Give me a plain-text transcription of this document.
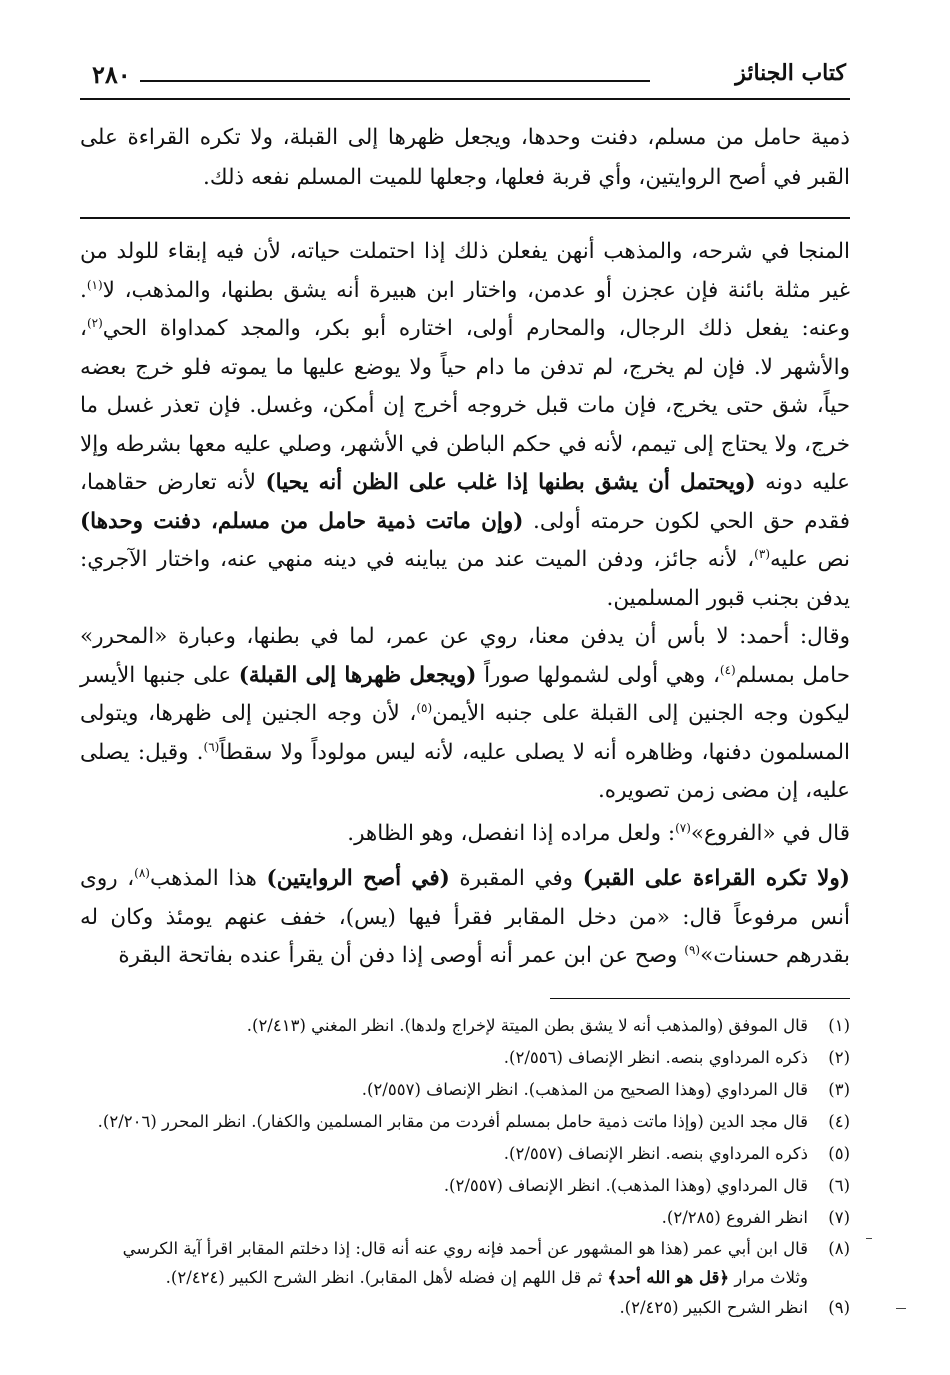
٢٨٠	كتاب الجنائز

ذمية حامل من مسلم، دفنت وحدها، ويجعل ظهرها إلى القبلة، ولا تكره القراءة على القبر في أصح الروايتين، وأي قربة فعلها، وجعلها للميت المسلم نفعه ذلك.

المنجا في شرحه، والمذهب أنهن يفعلن ذلك إذا احتملت حياته، لأن فيه إبقاء للولد من غير مثلة بائنة فإن عجزن أو عدمن، واختار ابن هبيرة أنه يشق بطنها، والمذهب، لا$^{(١)}$. وعنه: يفعل ذلك الرجال، والمحارم أولى، اختاره أبو بكر، والمجد كمداواة الحي$^{(٢)}$، والأشهر لا. فإن لم يخرج، لم تدفن ما دام حياً ولا يوضع عليها ما يموته فلو خرج بعضه حياً، شق حتى يخرج، فإن مات قبل خروجه أخرج إن أمكن، وغسل. فإن تعذر غسل ما خرج، ولا يحتاج إلى تيمم، لأنه في حكم الباطن في الأشهر، وصلي عليه معها بشرطه وإلا عليه دونه (ويحتمل أن يشق بطنها إذا غلب على الظن أنه يحيا) لأنه تعارض حقاهما، فقدم حق الحي لكون حرمته أولى. (وإن ماتت ذمية حامل من مسلم، دفنت وحدها) نص عليه$^{(٣)}$، لأنه جائز، ودفن الميت عند من يباينه في دينه منهي عنه، واختار الآجري: يدفن بجنب قبور المسلمين.

وقال: أحمد: لا بأس أن يدفن معنا، روي عن عمر، لما في بطنها، وعبارة «المحرر» حامل بمسلم$^{(٤)}$، وهي أولى لشمولها صوراً (ويجعل ظهرها إلى القبلة) على جنبها الأيسر ليكون وجه الجنين إلى القبلة على جنبه الأيمن$^{(٥)}$، لأن وجه الجنين إلى ظهرها، ويتولى المسلمون دفنها، وظاهره أنه لا يصلى عليه، لأنه ليس مولوداً ولا سقطاً$^{(٦)}$. وقيل: يصلى عليه، إن مضى زمن تصويره.

قال في «الفروع»$^{(٧)}$: ولعل مراده إذا انفصل، وهو الظاهر.

(ولا تكره القراءة على القبر) وفي المقبرة (في أصح الروايتين) هذا المذهب$^{(٨)}$، روى أنس مرفوعاً قال: «من دخل المقابر فقرأ فيها (يس)، خفف عنهم يومئذ وكان له بقدرهم حسنات»$^{(٩)}$ وصح عن ابن عمر أنه أوصى إذا دفن أن يقرأ عنده بفاتحة البقرة

(١)
قال الموفق (والمذهب أنه لا يشق بطن الميتة لإخراج ولدها). انظر المغني (٢/٤١٣).
(٢)
ذكره المرداوي بنصه. انظر الإنصاف (٢/٥٥٦).
(٣)
قال المرداوي (وهذا الصحيح من المذهب). انظر الإنصاف (٢/٥٥٧).
(٤)
قال مجد الدين (وإذا ماتت ذمية حامل بمسلم أفردت من مقابر المسلمين والكفار). انظر المحرر (٢/٢٠٦).
(٥)
ذكره المرداوي بنصه. انظر الإنصاف (٢/٥٥٧).
(٦)
قال المرداوي (وهذا المذهب). انظر الإنصاف (٢/٥٥٧).
(٧)
انظر الفروع (٢/٢٨٥).
(٨)
قال ابن أبي عمر (هذا هو المشهور عن أحمد فإنه روي عنه أنه قال: إذا دخلتم المقابر اقرأ آية الكرسي وثلاث مرار ﴿قل هو الله أحد﴾ ثم قل اللهم إن فضله لأهل المقابر). انظر الشرح الكبير (٢/٤٢٤).
(٩)
انظر الشرح الكبير (٢/٤٢٥).
